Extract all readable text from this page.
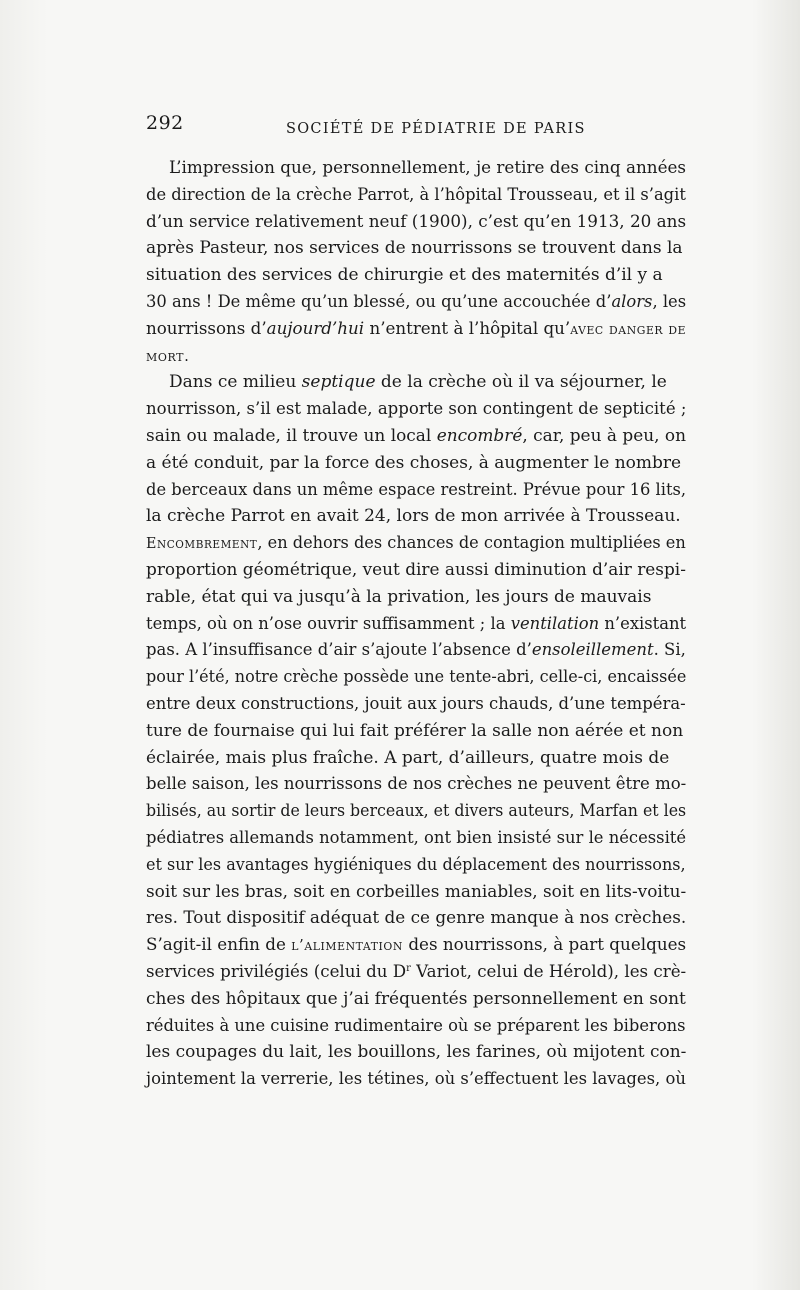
292	SOCIÉTÉ DE PÉDIATRIE DE PARIS
L’impression que, personnellement, je retire des cinq années
de direction de la crèche Parrot, à l’hôpital Trousseau, et il s’agit
d’un service relativement neuf (1900), c’est qu’en 1913, 20 ans
après Pasteur, nos services de nourrissons se trouvent dans la
situation des services de chirurgie et des maternités d’il y a
30 ans ! De même qu’un blessé, ou qu’une accouchée d’alors, les
nourrissons d’aujourd’hui n’entrent à l’hôpital qu’avec danger de
mort.
Dans ce milieu septique de la crèche où il va séjourner, le
nourrisson, s’il est malade, apporte son contingent de septicité ;
sain ou malade, il trouve un local encombré, car, peu à peu, on
a été conduit, par la force des choses, à augmenter le nombre
de berceaux dans un même espace restreint. Prévue pour 16 lits,
la crèche Parrot en avait 24, lors de mon arrivée à Trousseau.
Encombrement, en dehors des chances de contagion multipliées en
proportion géométrique, veut dire aussi diminution d’air respi-
rable, état qui va jusqu’à la privation, les jours de mauvais
temps, où on n’ose ouvrir suffisamment ; la ventilation n’existant
pas. A l’insuffisance d’air s’ajoute l’absence d’ensoleillement. Si,
pour l’été, notre crèche possède une tente-abri, celle-ci, encaissée
entre deux constructions, jouit aux jours chauds, d’une tempéra-
ture de fournaise qui lui fait préférer la salle non aérée et non
éclairée, mais plus fraîche. A part, d’ailleurs, quatre mois de
belle saison, les nourrissons de nos crèches ne peuvent être mo-
bilisés, au sortir de leurs berceaux, et divers auteurs, Marfan et les
pédiatres allemands notamment, ont bien insisté sur le nécessité
et sur les avantages hygiéniques du déplacement des nourrissons,
soit sur les bras, soit en corbeilles maniables, soit en lits-voitu-
res. Tout dispositif adéquat de ce genre manque à nos crèches.
S’agit-il enfin de l’alimentation des nourrissons, à part quelques
services privilégiés (celui du $D^r$ Variot, celui de Hérold), les crè-
ches des hôpitaux que j’ai fréquentés personnellement en sont
réduites à une cuisine rudimentaire où se préparent les biberons
les coupages du lait, les bouillons, les farines, où mijotent con-
jointement la verrerie, les tétines, où s’effectuent les lavages, où
